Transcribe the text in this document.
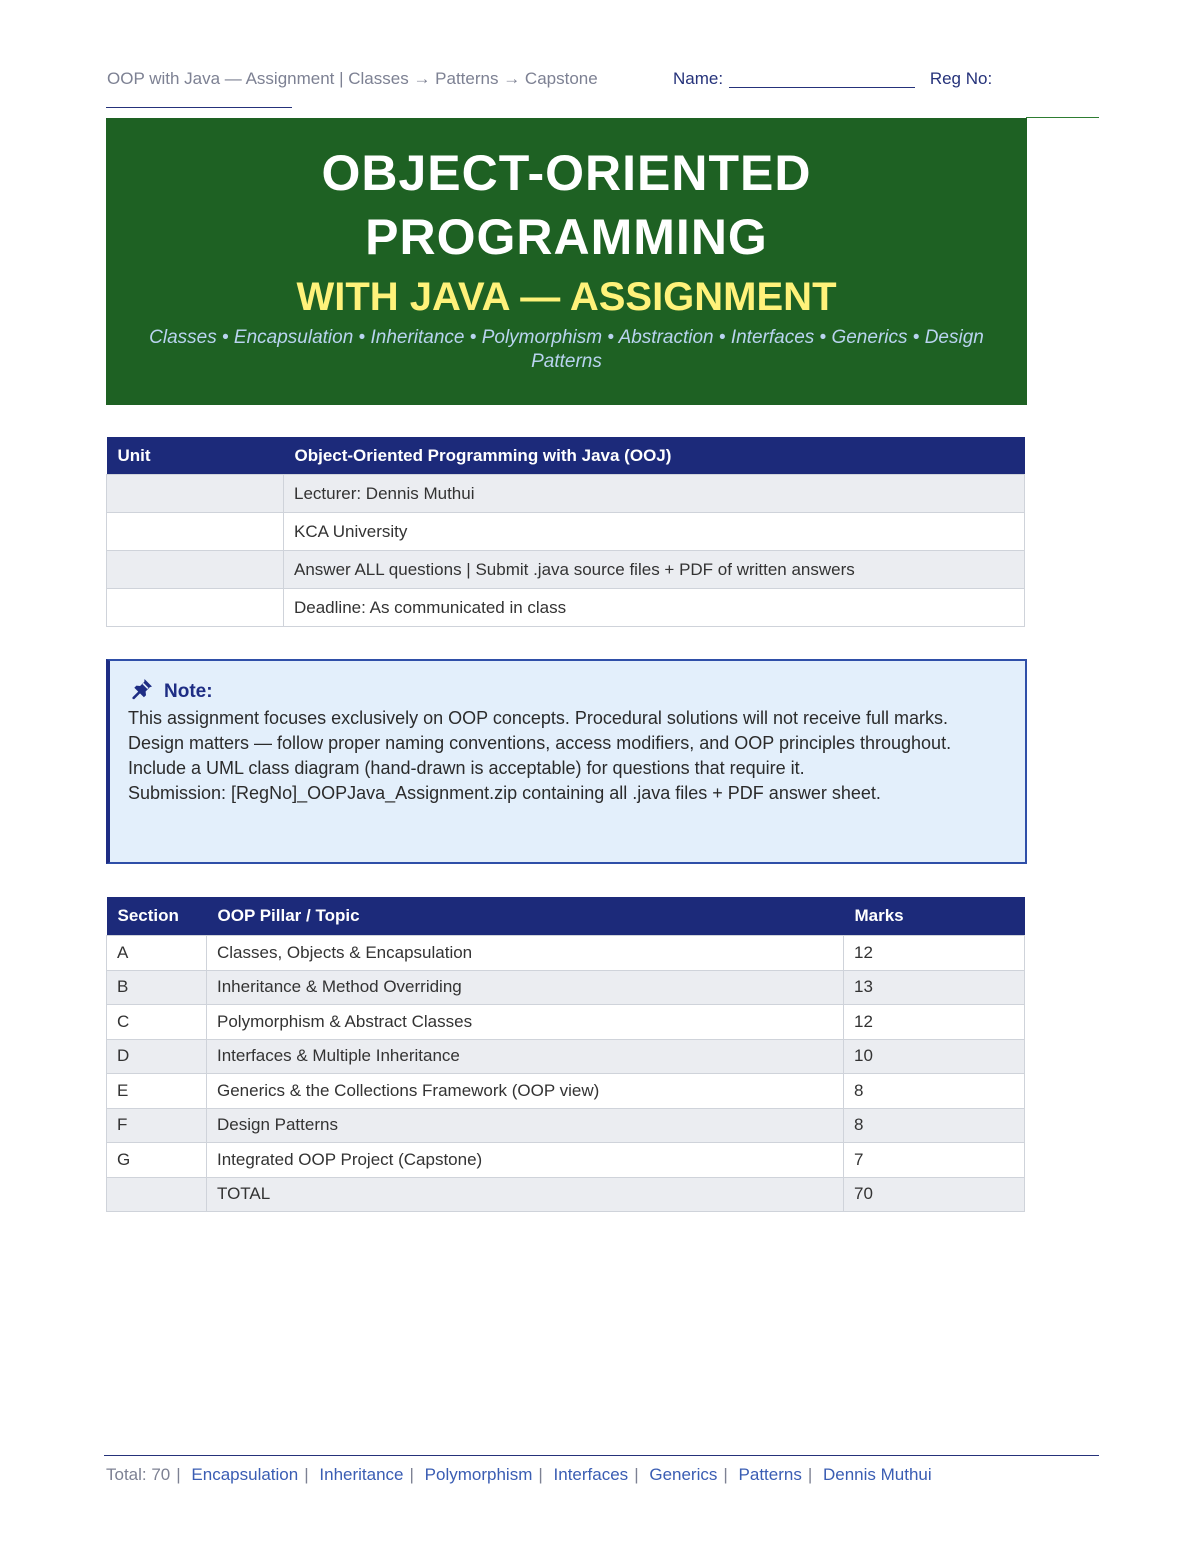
OOP with Java — Assignment | Classes → Patterns → Capstone	Name:	Reg No:
OBJECT-ORIENTED
PROGRAMMING
WITH JAVA — ASSIGNMENT
Classes • Encapsulation • Inheritance • Polymorphism • Abstraction • Interfaces • Generics • Design Patterns
Unit	Object-Oriented Programming with Java (OOJ)
	Lecturer: Dennis Muthui
	KCA University
	Answer ALL questions | Submit .java source files + PDF of written answers
	Deadline: As communicated in class
Note:
This assignment focuses exclusively on OOP concepts. Procedural solutions will not receive full marks.
Design matters — follow proper naming conventions, access modifiers, and OOP principles throughout.
Include a UML class diagram (hand-drawn is acceptable) for questions that require it.
Submission: [RegNo]_OOPJava_Assignment.zip containing all .java files + PDF answer sheet.
Section	OOP Pillar / Topic	Marks
A	Classes, Objects & Encapsulation	12
B	Inheritance & Method Overriding	13
C	Polymorphism & Abstract Classes	12
D	Interfaces & Multiple Inheritance	10
E	Generics & the Collections Framework (OOP view)	8
F	Design Patterns	8
G	Integrated OOP Project (Capstone)	7
	TOTAL	70
Total: 70 | Encapsulation | Inheritance | Polymorphism | Interfaces | Generics | Patterns | Dennis Muthui
